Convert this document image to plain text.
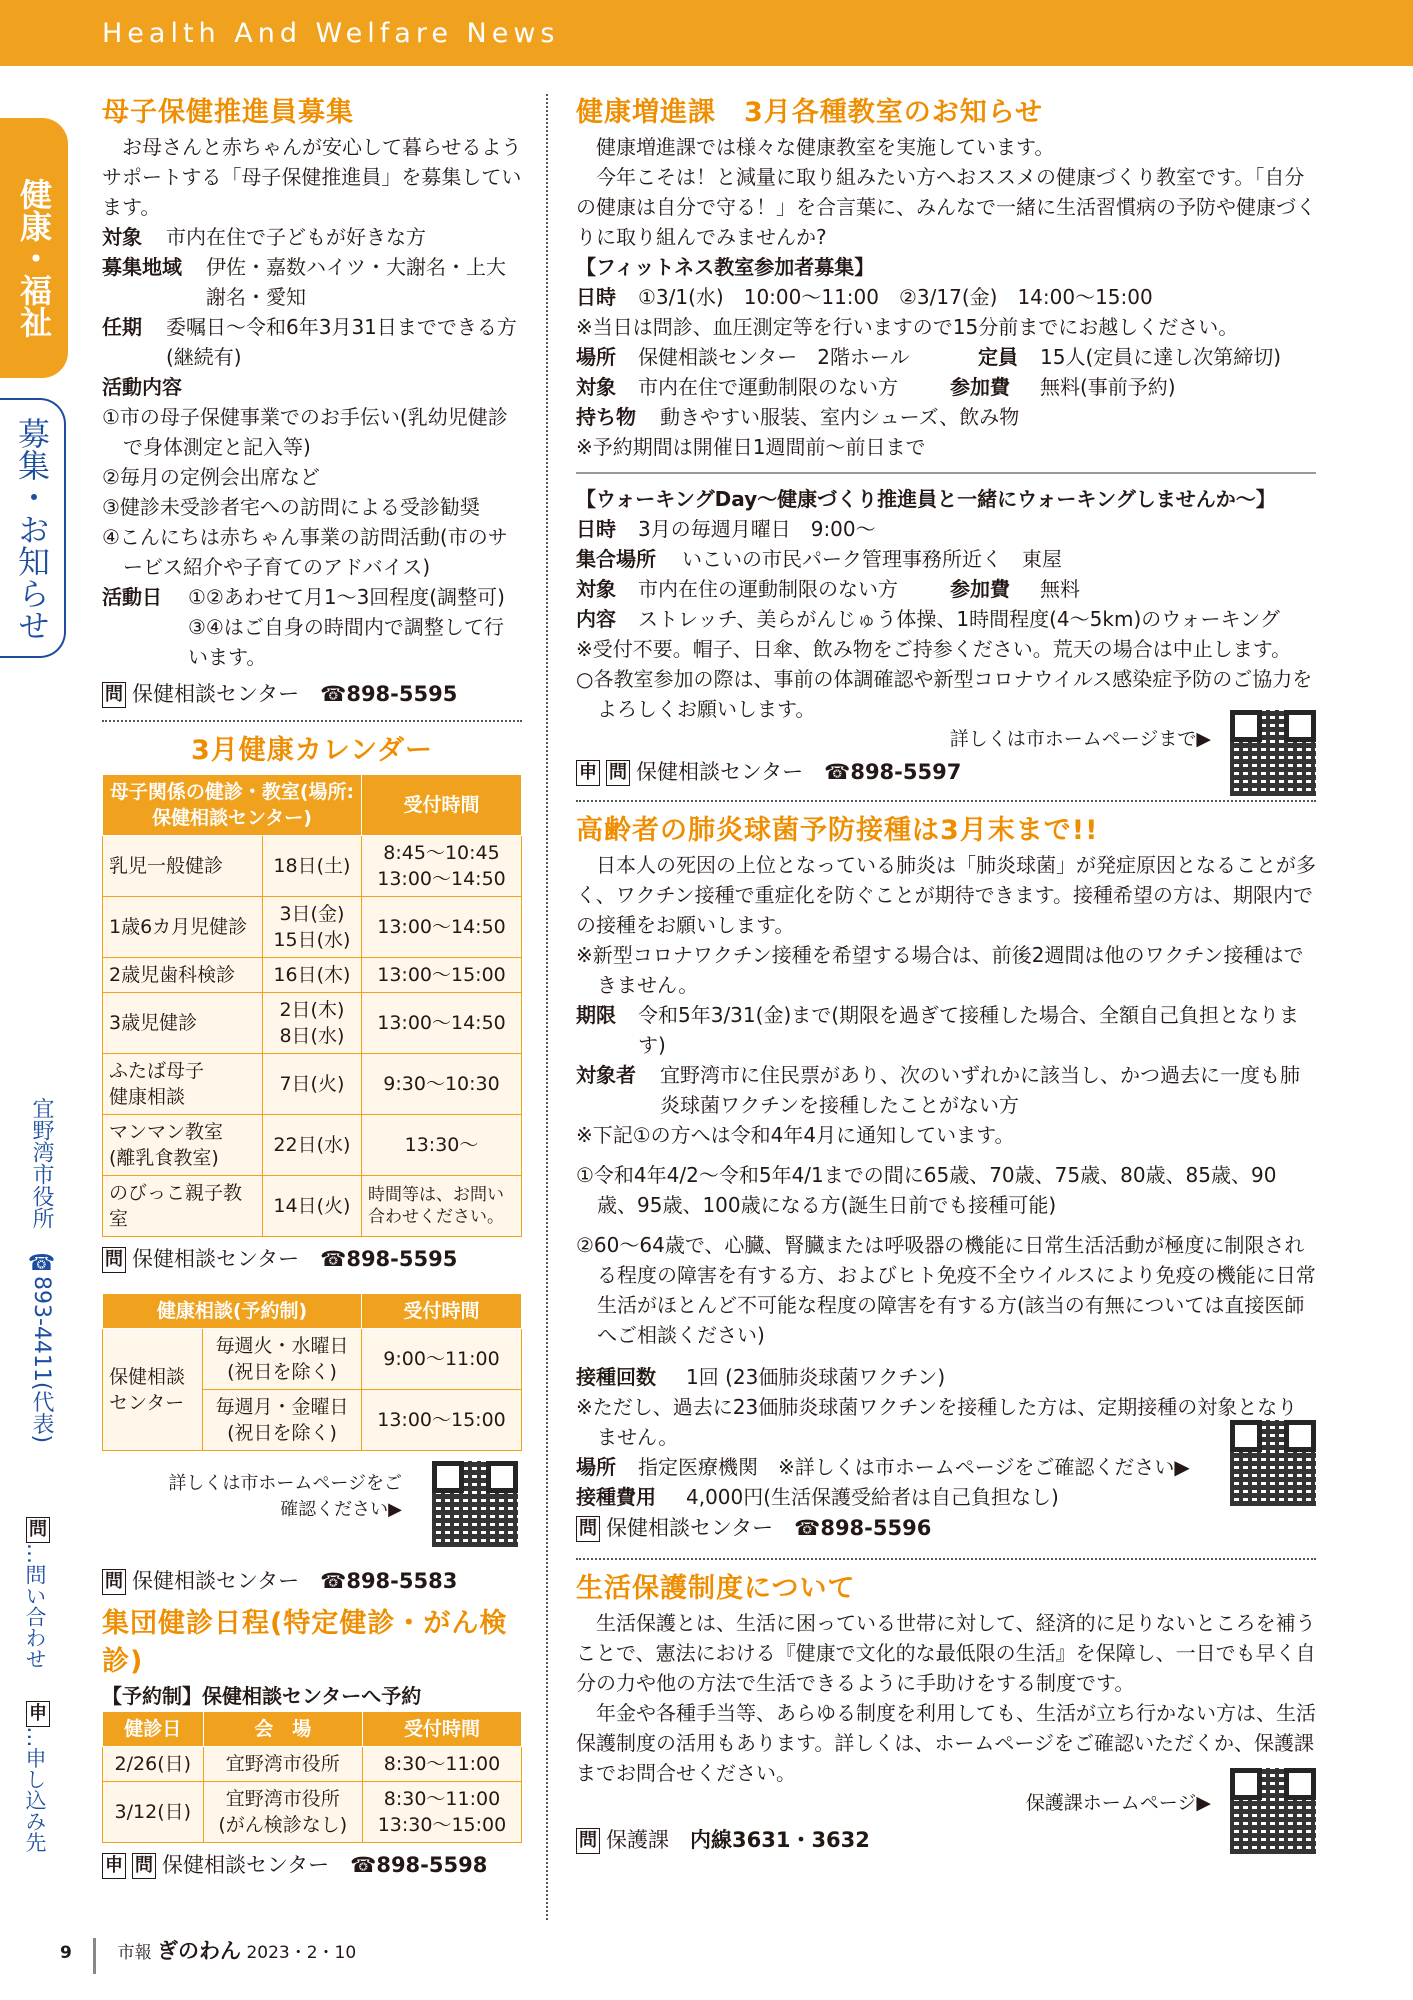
Health And Welfare News
健康・福祉
募集・お知らせ
宜野湾市役所　☎893-4411(代表)
問…問い合わせ  申…申し込み先
母子保健推進員募集

お母さんと赤ちゃんが安心して暮らせるようサポートする「母子保健推進員」を募集しています。

対象	市内在住で子どもが好きな方
募集地域	伊佐・嘉数ハイツ・大謝名・上大謝名・愛知
任期	委嘱日～令和6年3月31日までできる方(継続有)
活動内容

①市の母子保健事業でのお手伝い(乳幼児健診で身体測定と記入等)

②毎月の定例会出席など

③健診未受診者宅への訪問による受診勧奨

④こんにちは赤ちゃん事業の訪問活動(市のサービス紹介や子育てのアドバイス)

活動日	①②あわせて月1～3回程度(調整可)

③④はご自身の時間内で調整して行います。

問 保健相談センター　 ☎898-5595
3月健康カレンダー
母子関係の健診・教室(場所:保健相談センター)		受付時間
乳児一般健診	18日(土)	8:45～10:45
13:00～14:50
1歳6カ月児健診	3日(金)
15日(水)	13:00～14:50
2歳児歯科検診	16日(木)	13:00～15:00
3歳児健診	2日(木)
8日(水)	13:00～14:50
ふたば母子
健康相談	7日(火)	9:30～10:30
マンマン教室
(離乳食教室)	22日(水)	13:30～
のびっこ親子教室	14日(火)	時間等は、お問い合わせください。
問 保健相談センター　 ☎898-5595
健康相談(予約制)		受付時間
保健相談センター	毎週火・水曜日
(祝日を除く)	9:00～11:00
	毎週月・金曜日
(祝日を除く)	13:00～15:00

詳しくは市ホームページをご確認ください▶

問 保健相談センター　 ☎898-5583
集団健診日程(特定健診・がん検診)
【予約制】保健相談センターへ予約
健診日	会　場	受付時間
2/26(日)	宜野湾市役所	8:30～11:00
3/12(日)	宜野湾市役所
(がん検診なし)	8:30～11:00
13:30～15:00
申 問 保健相談センター　 ☎898-5598
健康増進課　3月各種教室のお知らせ

健康増進課では様々な健康教室を実施しています。

今年こそは！と減量に取り組みたい方へおススメの健康づくり教室です。「自分の健康は自分で守る！」を合言葉に、みんなで一緒に生活習慣病の予防や健康づくりに取り組んでみませんか?

【フィットネス教室参加者募集】
日時	①3/1(水)　10:00～11:00　②3/17(金)　14:00～15:00

※当日は問診、血圧測定等を行いますので15分前までにお越しください。

場所	保健相談センター　2階ホール	定員	15人(定員に達し次第締切)
対象	市内在住で運動制限のない方	参加費	無料(事前予約)
持ち物	動きやすい服装、室内シューズ、飲み物

※予約期間は開催日1週間前～前日まで

【ウォーキングDay～健康づくり推進員と一緒にウォーキングしませんか～】
日時	3月の毎週月曜日　9:00～
集合場所	いこいの市民パーク管理事務所近く　東屋
対象	市内在住の運動制限のない方	参加費	無料
内容	ストレッチ、美らがんじゅう体操、1時間程度(4～5km)のウォーキング

※受付不要。帽子、日傘、飲み物をご持参ください。荒天の場合は中止します。

○各教室参加の際は、事前の体調確認や新型コロナウイルス感染症予防のご協力をよろしくお願いします。

詳しくは市ホームページまで▶

申 問 保健相談センター　 ☎898-5597
高齢者の肺炎球菌予防接種は3月末まで!!

日本人の死因の上位となっている肺炎は「肺炎球菌」が発症原因となることが多く、ワクチン接種で重症化を防ぐことが期待できます。接種希望の方は、期限内での接種をお願いします。

※新型コロナワクチン接種を希望する場合は、前後2週間は他のワクチン接種はできません。

期限	令和5年3/31(金)まで(期限を過ぎて接種した場合、全額自己負担となります)
対象者	宜野湾市に住民票があり、次のいずれかに該当し、かつ過去に一度も肺炎球菌ワクチンを接種したことがない方

※下記①の方へは令和4年4月に通知しています。

①令和4年4/2～令和5年4/1までの間に65歳、70歳、75歳、80歳、85歳、90歳、95歳、100歳になる方(誕生日前でも接種可能)

②60～64歳で、心臓、腎臓または呼吸器の機能に日常生活活動が極度に制限される程度の障害を有する方、およびヒト免疫不全ウイルスにより免疫の機能に日常生活がほとんど不可能な程度の障害を有する方(該当の有無については直接医師へご相談ください)

接種回数	1回 (23価肺炎球菌ワクチン)

※ただし、過去に23価肺炎球菌ワクチンを接種した方は、定期接種の対象となりません。

場所	指定医療機関　※詳しくは市ホームページをご確認ください▶
接種費用	4,000円(生活保護受給者は自己負担なし)
問 保健相談センター　 ☎898-5596
生活保護制度について

生活保護とは、生活に困っている世帯に対して、経済的に足りないところを補うことで、憲法における『健康で文化的な最低限の生活』を保障し、一日でも早く自分の力や他の方法で生活できるように手助けをする制度です。

年金や各種手当等、あらゆる制度を利用しても、生活が立ち行かない方は、生活保護制度の活用もあります。詳しくは、ホームページをご確認いただくか、保護課までお問合せください。

保護課ホームページ▶

問 保護課　 内線3631・3632
9	市報 ぎのわん 2023・2・10
